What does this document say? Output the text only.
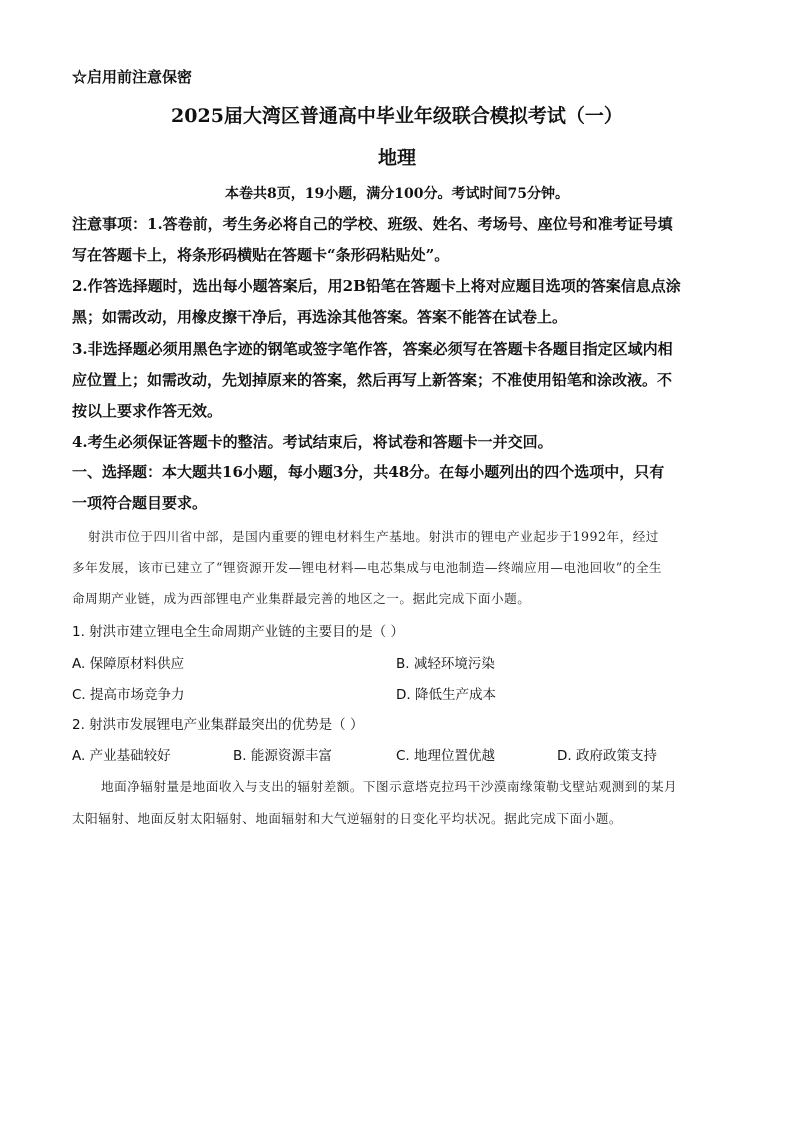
☆启用前注意保密
2025届大湾区普通高中毕业年级联合模拟考试（一）
地理
本卷共8页，19小题，满分100分。考试时间75分钟。
注意事项：1.答卷前，考生务必将自己的学校、班级、姓名、考场号、座位号和准考证号填
写在答题卡上，将条形码横贴在答题卡“条形码粘贴处”。
2.作答选择题时，选出每小题答案后，用2B铅笔在答题卡上将对应题目选项的答案信息点涂
黑；如需改动，用橡皮擦干净后，再选涂其他答案。答案不能答在试卷上。
3.非选择题必须用黑色字迹的钢笔或签字笔作答，答案必须写在答题卡各题目指定区域内相
应位置上；如需改动，先划掉原来的答案，然后再写上新答案；不准使用铅笔和涂改液。不
按以上要求作答无效。
4.考生必须保证答题卡的整洁。考试结束后，将试卷和答题卡一并交回。
一、选择题：本大题共16小题，每小题3分，共48分。在每小题列出的四个选项中，只有
一项符合题目要求。
射洪市位于四川省中部，是国内重要的锂电材料生产基地。射洪市的锂电产业起步于1992年，经过
多年发展，该市已建立了“锂资源开发—锂电材料—电芯集成与电池制造—终端应用—电池回收”的全生
命周期产业链，成为西部锂电产业集群最完善的地区之一。据此完成下面小题。
1. 射洪市建立锂电全生命周期产业链的主要目的是（ ）
A. 保障原材料供应	B. 减轻环境污染
C. 提高市场竞争力	D. 降低生产成本
2. 射洪市发展锂电产业集群最突出的优势是（ ）
A. 产业基础较好	B. 能源资源丰富	C. 地理位置优越	D. 政府政策支持
地面净辐射量是地面收入与支出的辐射差额。下图示意塔克拉玛干沙漠南缘策勒戈壁站观测到的某月
太阳辐射、地面反射太阳辐射、地面辐射和大气逆辐射的日变化平均状况。据此完成下面小题。
